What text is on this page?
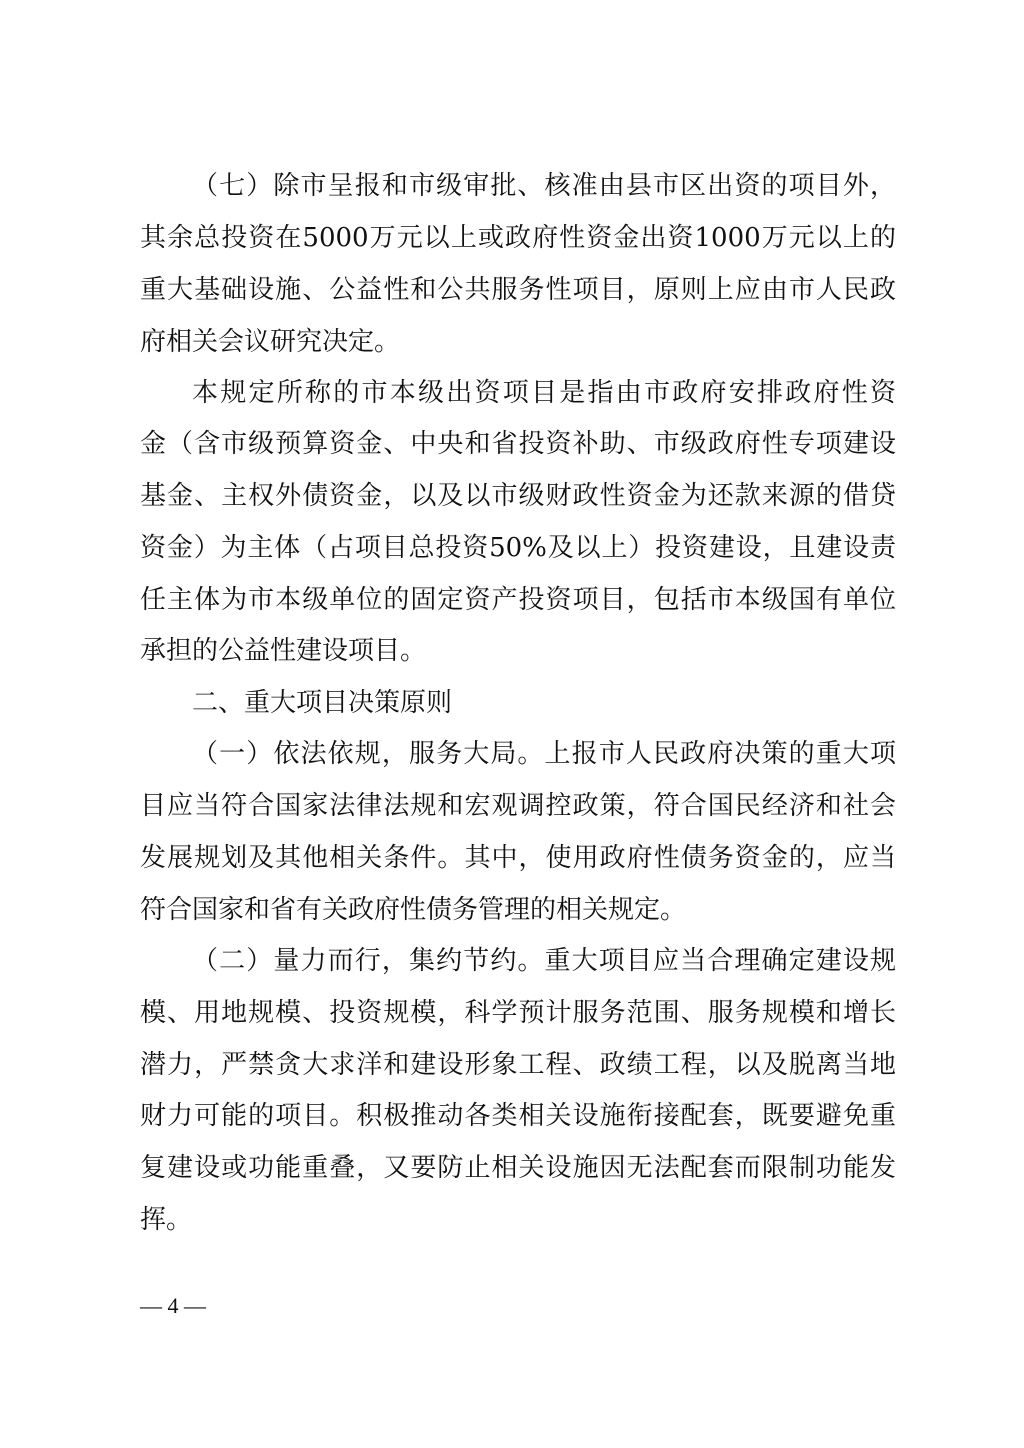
（七）除市呈报和市级审批、核准由县市区出资的项目外，
其余总投资在5000万元以上或政府性资金出资1000万元以上的
重大基础设施、公益性和公共服务性项目，原则上应由市人民政
府相关会议研究决定。
本规定所称的市本级出资项目是指由市政府安排政府性资
金（含市级预算资金、中央和省投资补助、市级政府性专项建设
基金、主权外债资金，以及以市级财政性资金为还款来源的借贷
资金）为主体（占项目总投资50%及以上）投资建设，且建设责
任主体为市本级单位的固定资产投资项目，包括市本级国有单位
承担的公益性建设项目。
二、重大项目决策原则
（一）依法依规，服务大局。上报市人民政府决策的重大项
目应当符合国家法律法规和宏观调控政策，符合国民经济和社会
发展规划及其他相关条件。其中，使用政府性债务资金的，应当
符合国家和省有关政府性债务管理的相关规定。
（二）量力而行，集约节约。重大项目应当合理确定建设规
模、用地规模、投资规模，科学预计服务范围、服务规模和增长
潜力，严禁贪大求洋和建设形象工程、政绩工程，以及脱离当地
财力可能的项目。积极推动各类相关设施衔接配套，既要避免重
复建设或功能重叠，又要防止相关设施因无法配套而限制功能发
挥。
— 4 —
